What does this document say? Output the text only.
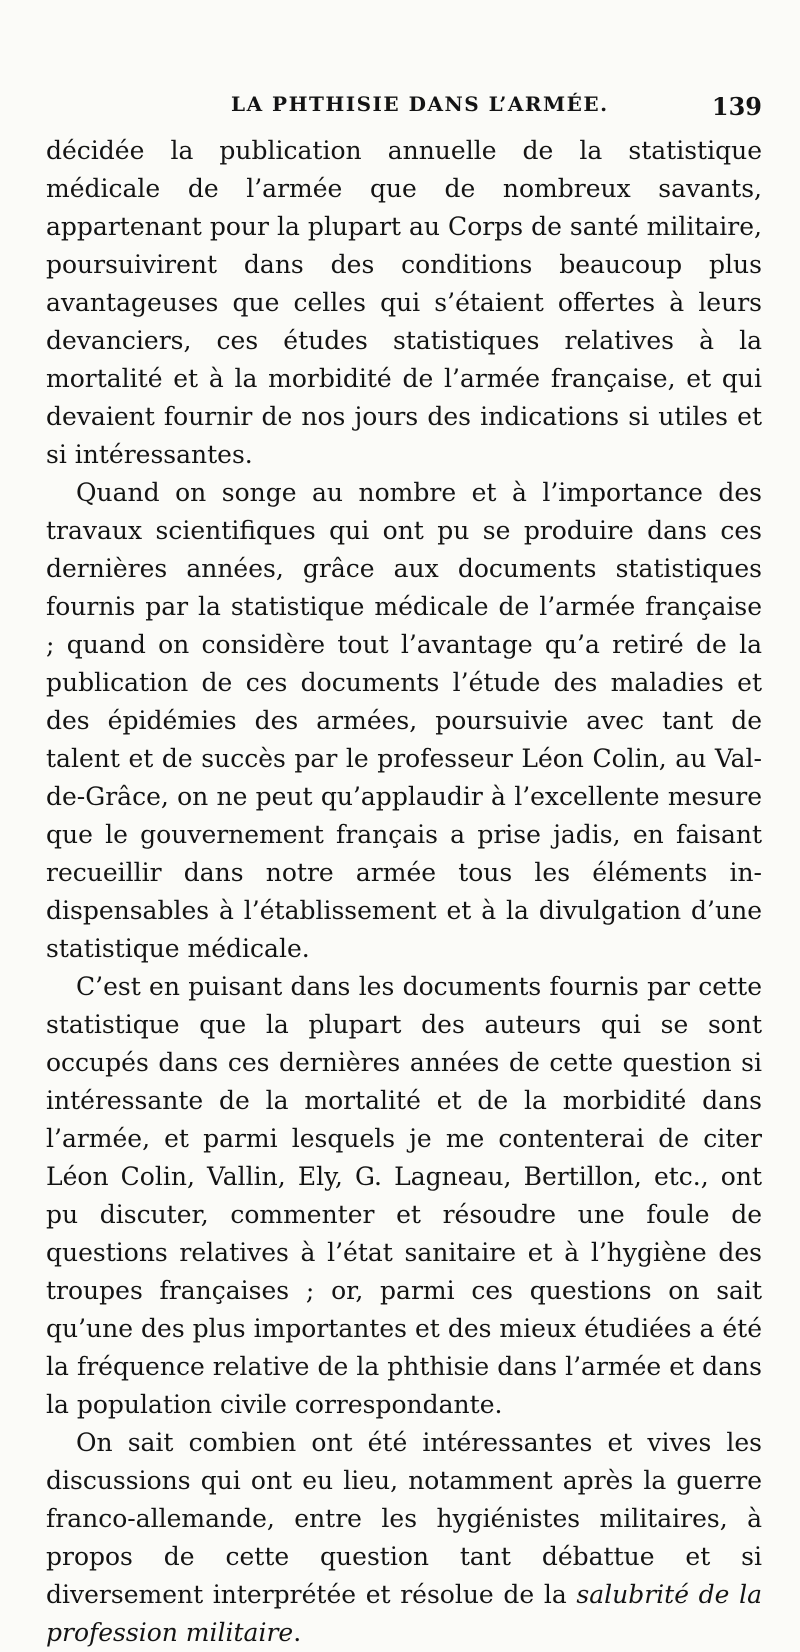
LA PHTHISIE DANS L’ARMÉE.	139

décidée la publication annuelle de la statistique médicale de l’armée que de nombreux savants, appartenant pour la plupart au Corps de santé militaire, poursuivirent dans des conditions beaucoup plus avantageuses que celles qui s’étaient offertes à leurs devanciers, ces études statistiques relatives à la mortalité et à la morbidité de l’armée française, et qui devaient fournir de nos jours des indications si utiles et si intéressantes.

Quand on songe au nombre et à l’importance des travaux scientifiques qui ont pu se produire dans ces dernières années, grâce aux documents statistiques fournis par la statistique médicale de l’armée française ; quand on considère tout l’avantage qu’a retiré de la publication de ces documents l’étude des maladies et des épidémies des armées, poursuivie avec tant de talent et de succès par le professeur Léon Colin, au Val-de-Grâce, on ne peut qu’applaudir à l’excellente mesure que le gouvernement français a prise jadis, en faisant recueillir dans notre armée tous les éléments indispensables à l’établissement et à la divulgation d’une statistique médicale.

C’est en puisant dans les documents fournis par cette statistique que la plupart des auteurs qui se sont occupés dans ces dernières années de cette question si intéressante de la mortalité et de la morbidité dans l’armée, et parmi lesquels je me contenterai de citer Léon Colin, Vallin, Ely, G. Lagneau, Bertillon, etc., ont pu discuter, commenter et résoudre une foule de questions relatives à l’état sanitaire et à l’hygiène des troupes françaises ; or, parmi ces questions on sait qu’une des plus importantes et des mieux étudiées a été la fréquence relative de la phthisie dans l’armée et dans la population civile correspondante.

On sait combien ont été intéressantes et vives les discussions qui ont eu lieu, notamment après la guerre franco-allemande, entre les hygiénistes militaires, à propos de cette question tant débattue et si diversement interprétée et résolue de la salubrité de la profession militaire.
